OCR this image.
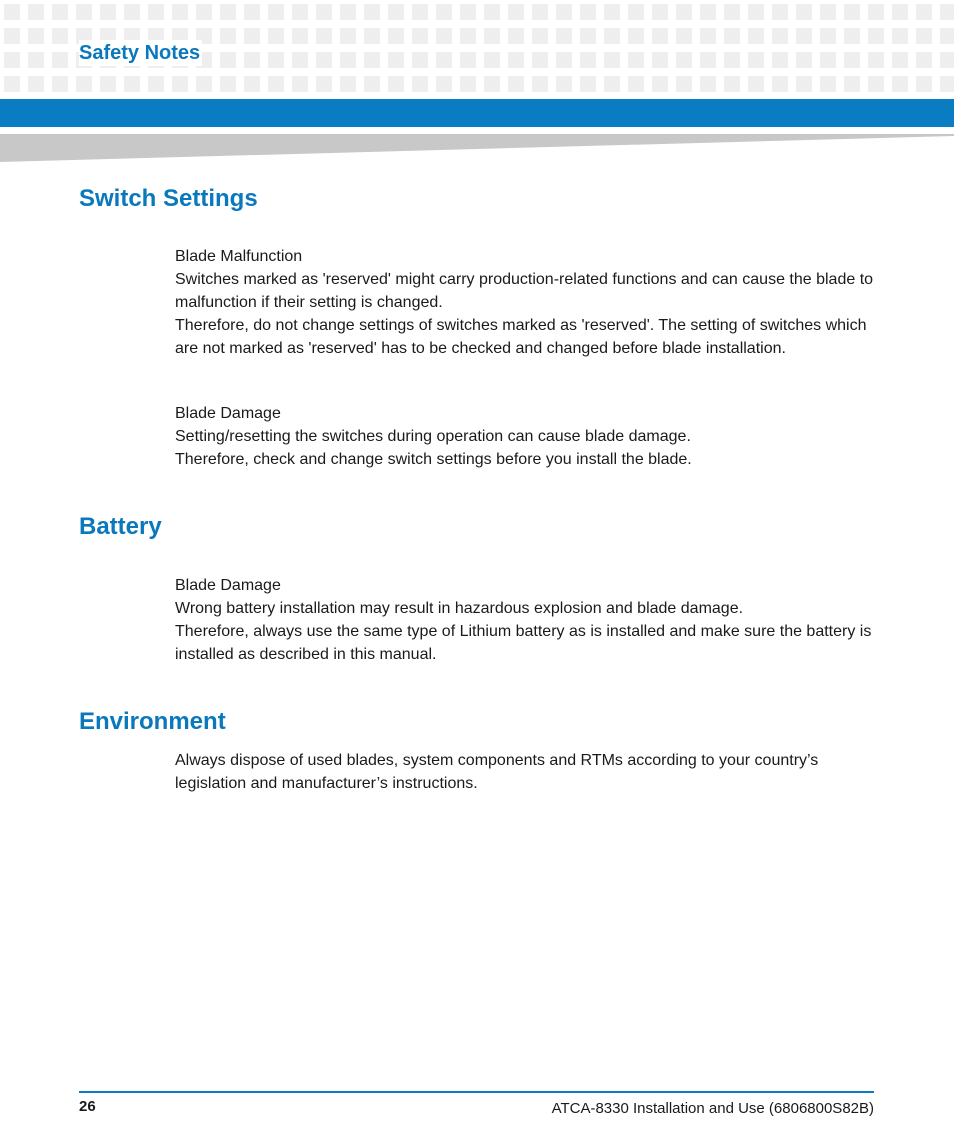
Safety Notes
Switch Settings

Blade Malfunction

Switches marked as 'reserved' might carry production-related functions and can cause the blade to malfunction if their setting is changed.

Therefore, do not change settings of switches marked as 'reserved'. The setting of switches which are not marked as 'reserved' has to be checked and changed before blade installation.

Blade Damage

Setting/resetting the switches during operation can cause blade damage.

Therefore, check and change switch settings before you install the blade.

Battery

Blade Damage

Wrong battery installation may result in hazardous explosion and blade damage.

Therefore, always use the same type of Lithium battery as is installed and make sure the battery is installed as described in this manual.

Environment

Always dispose of used blades, system components and RTMs according to your country’s legislation and manufacturer’s instructions.

26	ATCA-8330 Installation and Use (6806800S82B)
